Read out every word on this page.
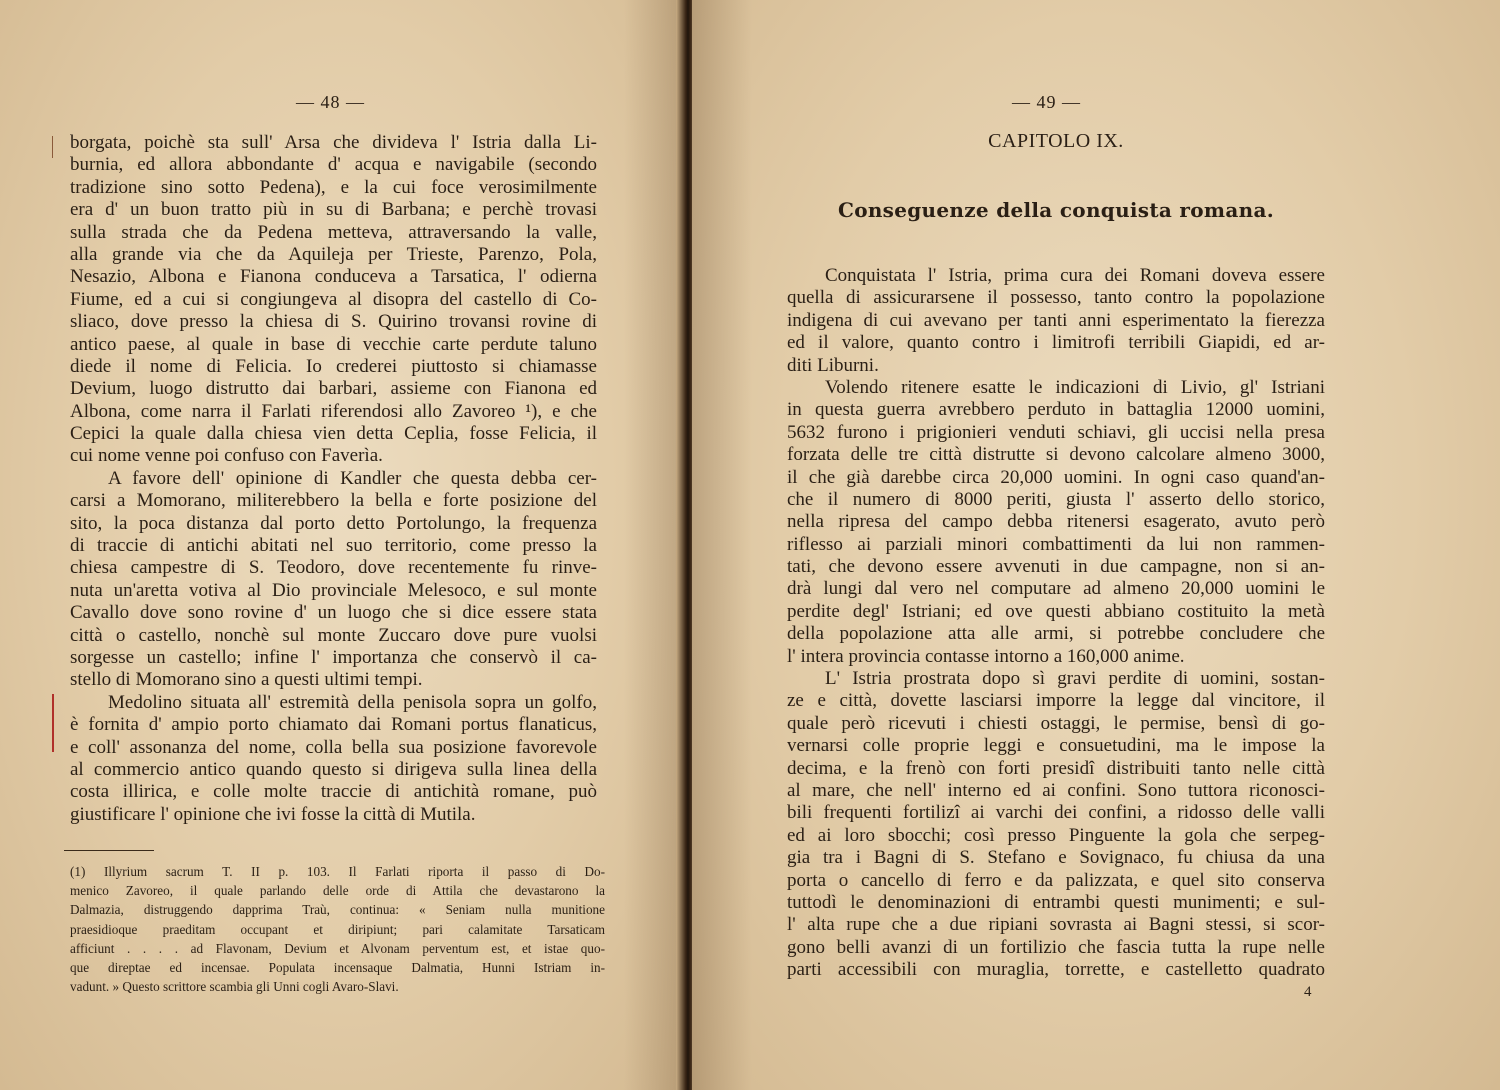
— 48 —
borgata, poichè sta sull' Arsa che divideva l' Istria dalla Li-
burnia, ed allora abbondante d' acqua e navigabile (secondo
tradizione sino sotto Pedena), e la cui foce verosimilmente
era d' un buon tratto più in su di Barbana; e perchè trovasi
sulla strada che da Pedena metteva, attraversando la valle,
alla grande via che da Aquileja per Trieste, Parenzo, Pola,
Nesazio, Albona e Fianona conduceva a Tarsatica, l' odierna
Fiume, ed a cui si congiungeva al disopra del castello di Co-
sliaco, dove presso la chiesa di S. Quirino trovansi rovine di
antico paese, al quale in base di vecchie carte perdute taluno
diede il nome di Felicia. Io crederei piuttosto si chiamasse
Devium, luogo distrutto dai barbari, assieme con Fianona ed
Albona, come narra il Farlati riferendosi allo Zavoreo ¹), e che
Cepici la quale dalla chiesa vien detta Ceplia, fosse Felicia, il
cui nome venne poi confuso con Faverìa.
A favore dell' opinione di Kandler che questa debba cer-
carsi a Momorano, militerebbero la bella e forte posizione del
sito, la poca distanza dal porto detto Portolungo, la frequenza
di traccie di antichi abitati nel suo territorio, come presso la
chiesa campestre di S. Teodoro, dove recentemente fu rinve-
nuta un'aretta votiva al Dio provinciale Melesoco, e sul monte
Cavallo dove sono rovine d' un luogo che si dice essere stata
città o castello, nonchè sul monte Zuccaro dove pure vuolsi
sorgesse un castello; infine l' importanza che conservò il ca-
stello di Momorano sino a questi ultimi tempi.
Medolino situata all' estremità della penisola sopra un golfo,
è fornita d' ampio porto chiamato dai Romani portus flanaticus,
e coll' assonanza del nome, colla bella sua posizione favorevole
al commercio antico quando questo si dirigeva sulla linea della
costa illirica, e colle molte traccie di antichità romane, può
giustificare l' opinione che ivi fosse la città di Mutila.
(1) Illyrium sacrum T. II p. 103. Il Farlati riporta il passo di Do-
menico Zavoreo, il quale parlando delle orde di Attila che devastarono la
Dalmazia, distruggendo dapprima Traù, continua: « Seniam nulla munitione
praesidioque praeditam occupant et diripiunt; pari calamitate Tarsaticam
afficiunt . . . . ad Flavonam, Devium et Alvonam perventum est, et istae quo-
que direptae ed incensae. Populata incensaque Dalmatia, Hunni Istriam in-
vadunt. » Questo scrittore scambia gli Unni cogli Avaro-Slavi.
— 49 —
CAPITOLO IX.
Conseguenze della conquista romana.
Conquistata l' Istria, prima cura dei Romani doveva essere
quella di assicurarsene il possesso, tanto contro la popolazione
indigena di cui avevano per tanti anni esperimentato la fierezza
ed il valore, quanto contro i limitrofi terribili Giapidi, ed ar-
diti Liburni.
Volendo ritenere esatte le indicazioni di Livio, gl' Istriani
in questa guerra avrebbero perduto in battaglia 12000 uomini,
5632 furono i prigionieri venduti schiavi, gli uccisi nella presa
forzata delle tre città distrutte si devono calcolare almeno 3000,
il che già darebbe circa 20,000 uomini. In ogni caso quand'an-
che il numero di 8000 periti, giusta l' asserto dello storico,
nella ripresa del campo debba ritenersi esagerato, avuto però
riflesso ai parziali minori combattimenti da lui non rammen-
tati, che devono essere avvenuti in due campagne, non si an-
drà lungi dal vero nel computare ad almeno 20,000 uomini le
perdite degl' Istriani; ed ove questi abbiano costituito la metà
della popolazione atta alle armi, si potrebbe concludere che
l' intera provincia contasse intorno a 160,000 anime.
L' Istria prostrata dopo sì gravi perdite di uomini, sostan-
ze e città, dovette lasciarsi imporre la legge dal vincitore, il
quale però ricevuti i chiesti ostaggi, le permise, bensì di go-
vernarsi colle proprie leggi e consuetudini, ma le impose la
decima, e la frenò con forti presidî distribuiti tanto nelle città
al mare, che nell' interno ed ai confini. Sono tuttora riconosci-
bili frequenti fortilizî ai varchi dei confini, a ridosso delle valli
ed ai loro sbocchi; così presso Pinguente la gola che serpeg-
gia tra i Bagni di S. Stefano e Sovignaco, fu chiusa da una
porta o cancello di ferro e da palizzata, e quel sito conserva
tuttodì le denominazioni di entrambi questi munimenti; e sul-
l' alta rupe che a due ripiani sovrasta ai Bagni stessi, si scor-
gono belli avanzi di un fortilizio che fascia tutta la rupe nelle
parti accessibili con muraglia, torrette, e castelletto quadrato
4
